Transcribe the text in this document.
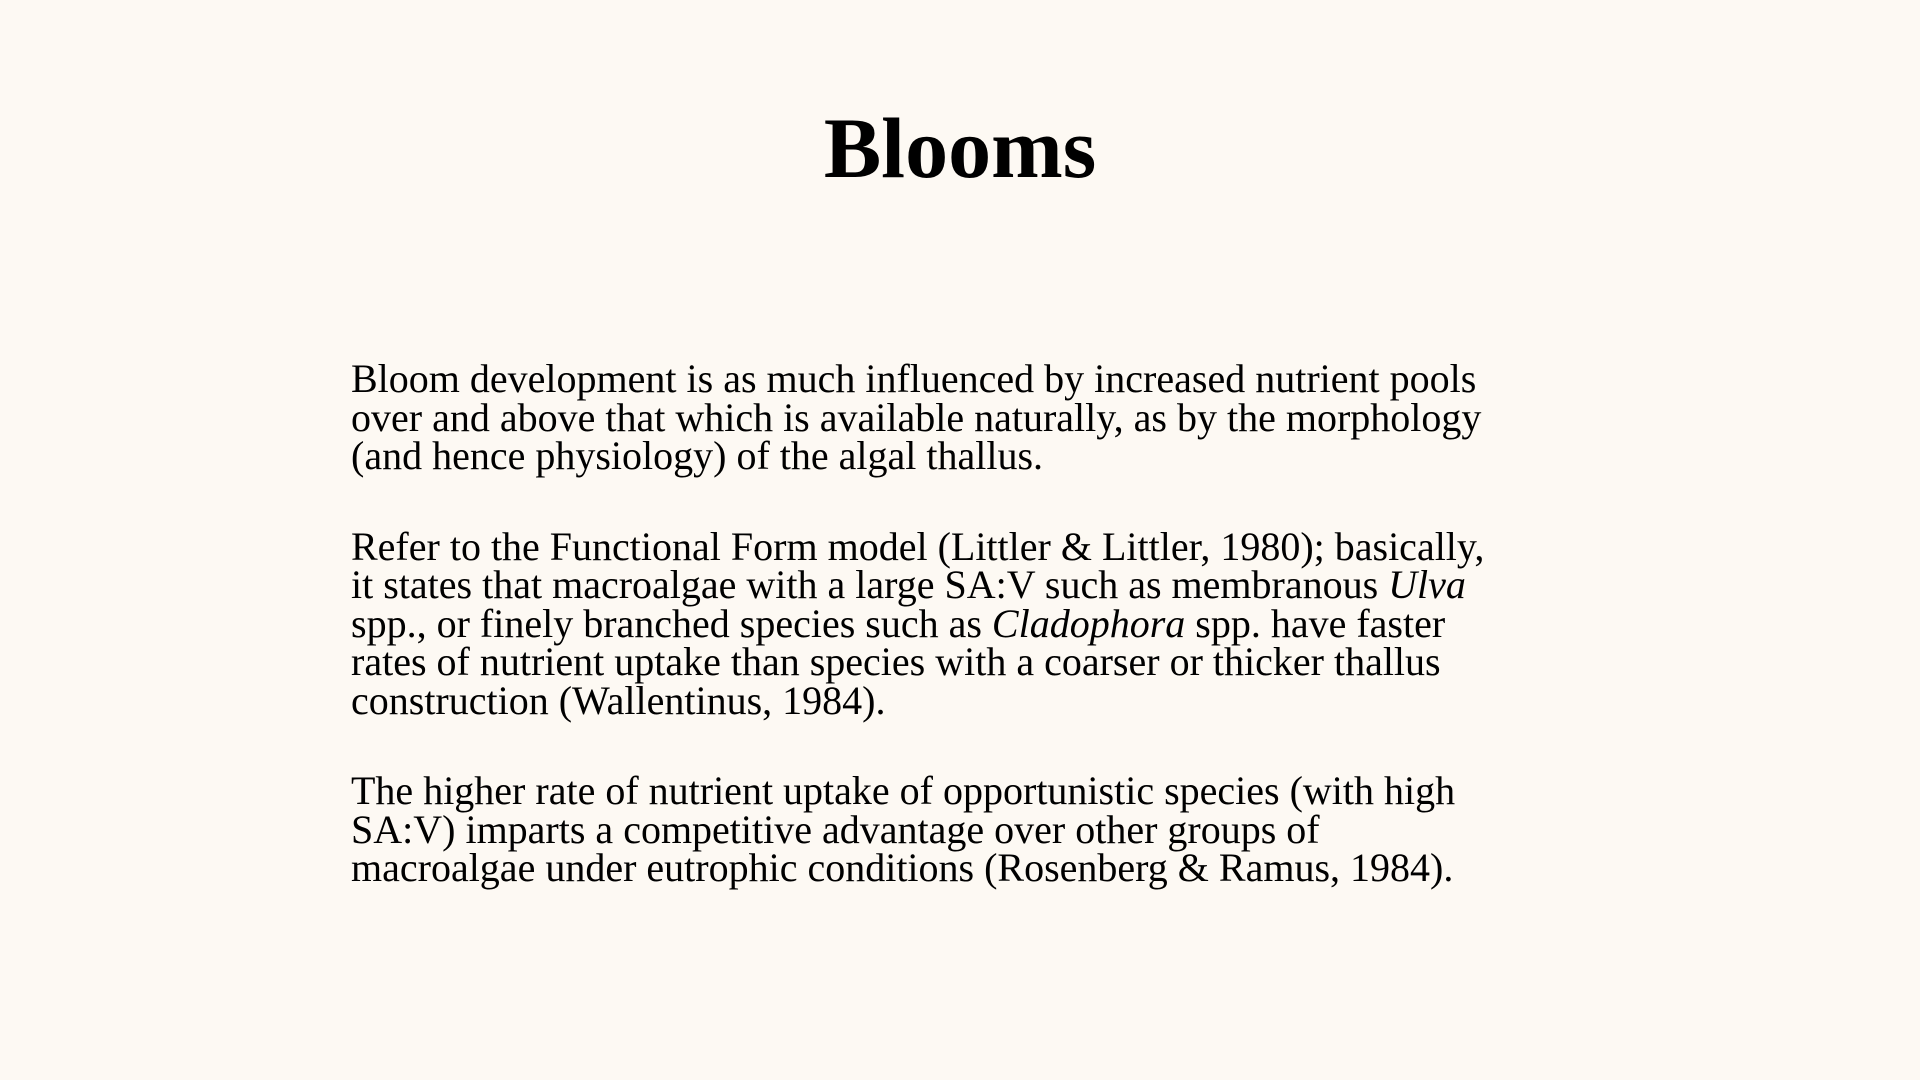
Blooms

Bloom development is as much influenced by increased nutrient pools
over and above that which is available naturally, as by the morphology
(and hence physiology) of the algal thallus.

Refer to the Functional Form model (Littler & Littler, 1980); basically,
it states that macroalgae with a large SA:V such as membranous Ulva
spp., or finely branched species such as Cladophora spp. have faster
rates of nutrient uptake than species with a coarser or thicker thallus
construction (Wallentinus, 1984).

The higher rate of nutrient uptake of opportunistic species (with high
SA:V) imparts a competitive advantage over other groups of
macroalgae under eutrophic conditions (Rosenberg & Ramus, 1984).
